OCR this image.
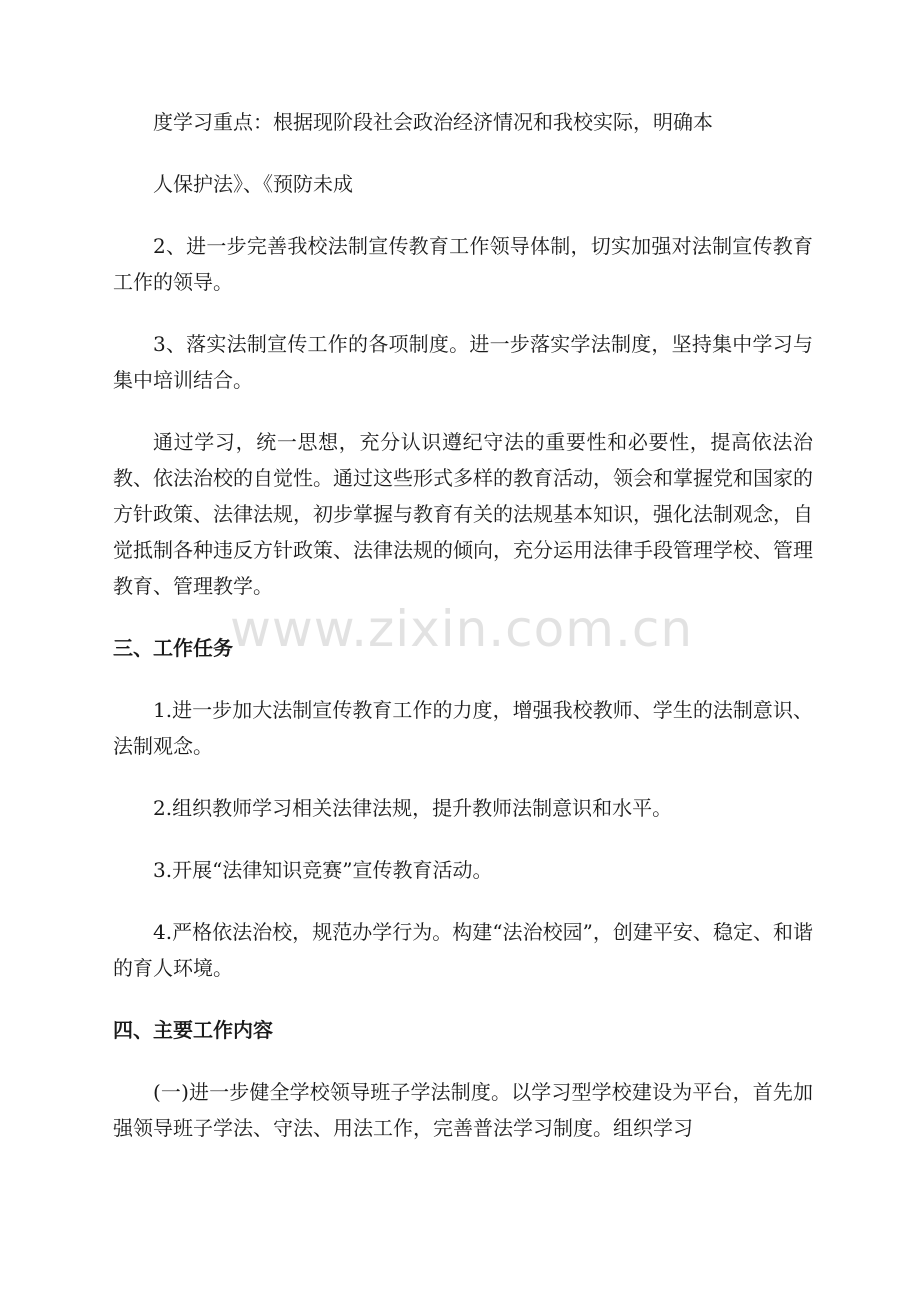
度学习重点：根据现阶段社会政治经济情况和我校实际，明确本

人保护法》、《预防未成

2、进一步完善我校法制宣传教育工作领导体制，切实加强对法制宣传教育工作的领导。

3、落实法制宣传工作的各项制度。进一步落实学法制度，坚持集中学习与集中培训结合。

通过学习，统一思想，充分认识遵纪守法的重要性和必要性，提高依法治教、依法治校的自觉性。通过这些形式多样的教育活动，领会和掌握党和国家的方针政策、法律法规，初步掌握与教育有关的法规基本知识，强化法制观念，自觉抵制各种违反方针政策、法律法规的倾向，充分运用法律手段管理学校、管理教育、管理教学。

三、工作任务

1.进一步加大法制宣传教育工作的力度，增强我校教师、学生的法制意识、法制观念。

2.组织教师学习相关法律法规，提升教师法制意识和水平。

3.开展“法律知识竞赛”宣传教育活动。

4.严格依法治校，规范办学行为。构建“法治校园”，创建平安、稳定、和谐的育人环境。

四、主要工作内容

(一)进一步健全学校领导班子学法制度。以学习型学校建设为平台，首先加强领导班子学法、守法、用法工作，完善普法学习制度。组织学习

www.zixin.com.cn
